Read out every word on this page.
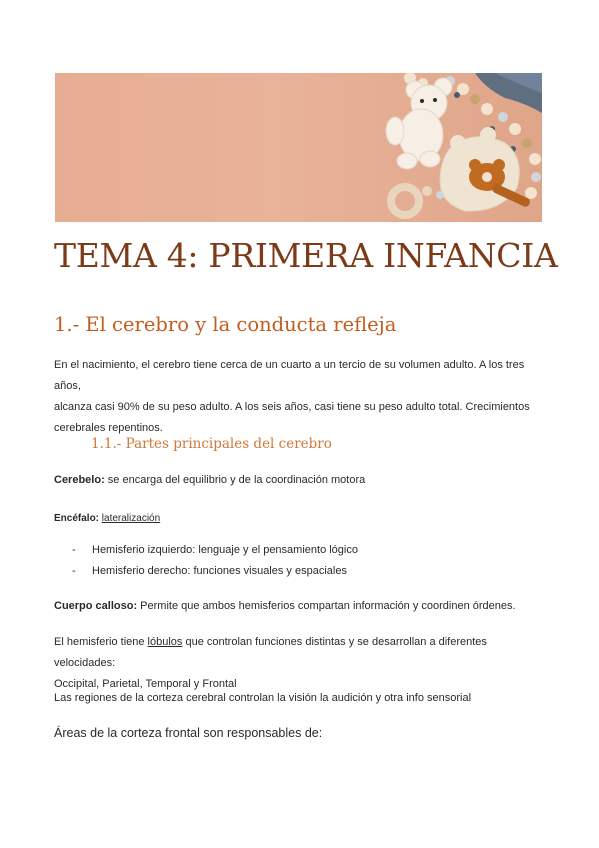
TEMA 4: PRIMERA INFANCIA
1.- El cerebro y la conducta refleja
En el nacimiento, el cerebro tiene cerca de un cuarto a un tercio de su volumen adulto. A los tres años,
alcanza casi 90% de su peso adulto. A los seis años, casi tiene su peso adulto total. Crecimientos
cerebrales repentinos.
1.1.- Partes principales del cerebro
Cerebelo: se encarga del equilibrio y de la coordinación motora
Encéfalo: lateralización
- Hemisferio izquierdo: lenguaje y el pensamiento lógico
- Hemisferio derecho: funciones visuales y espaciales
Cuerpo calloso: Permite que ambos hemisferios compartan información y coordinen órdenes.
El hemisferio tiene lóbulos que controlan funciones distintas y se desarrollan a diferentes velocidades:
Occipital, Parietal, Temporal y Frontal
Las regiones de la corteza cerebral controlan la visión la audición y otra info sensorial
Áreas de la corteza frontal son responsables de:
